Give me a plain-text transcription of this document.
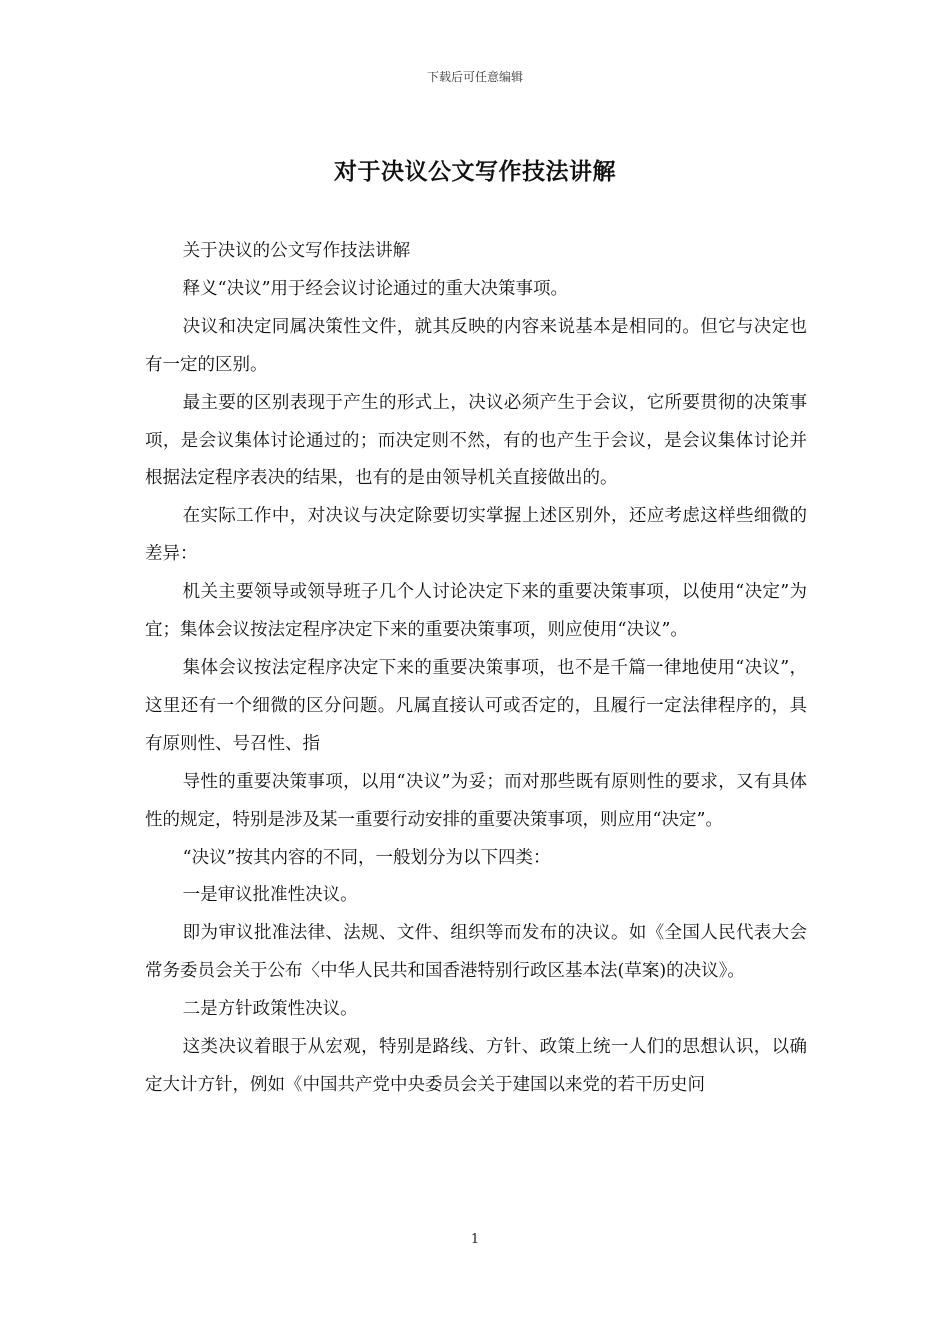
下载后可任意编辑
对于决议公文写作技法讲解

关于决议的公文写作技法讲解

释义“决议”用于经会议讨论通过的重大决策事项。

决议和决定同属决策性文件，就其反映的内容来说基本是相同的。但它与决定也有一定的区别。

最主要的区别表现于产生的形式上，决议必须产生于会议，它所要贯彻的决策事项，是会议集体讨论通过的；而决定则不然，有的也产生于会议，是会议集体讨论并根据法定程序表决的结果，也有的是由领导机关直接做出的。

在实际工作中，对决议与决定除要切实掌握上述区别外，还应考虑这样些细微的差异：

机关主要领导或领导班子几个人讨论决定下来的重要决策事项，以使用“决定”为宜；集体会议按法定程序决定下来的重要决策事项，则应使用“决议”。

集体会议按法定程序决定下来的重要决策事项，也不是千篇一律地使用“决议”，这里还有一个细微的区分问题。凡属直接认可或否定的，且履行一定法律程序的，具有原则性、号召性、指

导性的重要决策事项，以用“决议”为妥；而对那些既有原则性的要求，又有具体性的规定，特别是涉及某一重要行动安排的重要决策事项，则应用“决定”。

“决议”按其内容的不同，一般划分为以下四类：

一是审议批准性决议。

即为审议批准法律、法规、文件、组织等而发布的决议。如《全国人民代表大会常务委员会关于公布〈中华人民共和国香港特别行政区基本法(草案)的决议》。

二是方针政策性决议。

这类决议着眼于从宏观，特别是路线、方针、政策上统一人们的思想认识，以确定大计方针，例如《中国共产党中央委员会关于建国以来党的若干历史问

1
